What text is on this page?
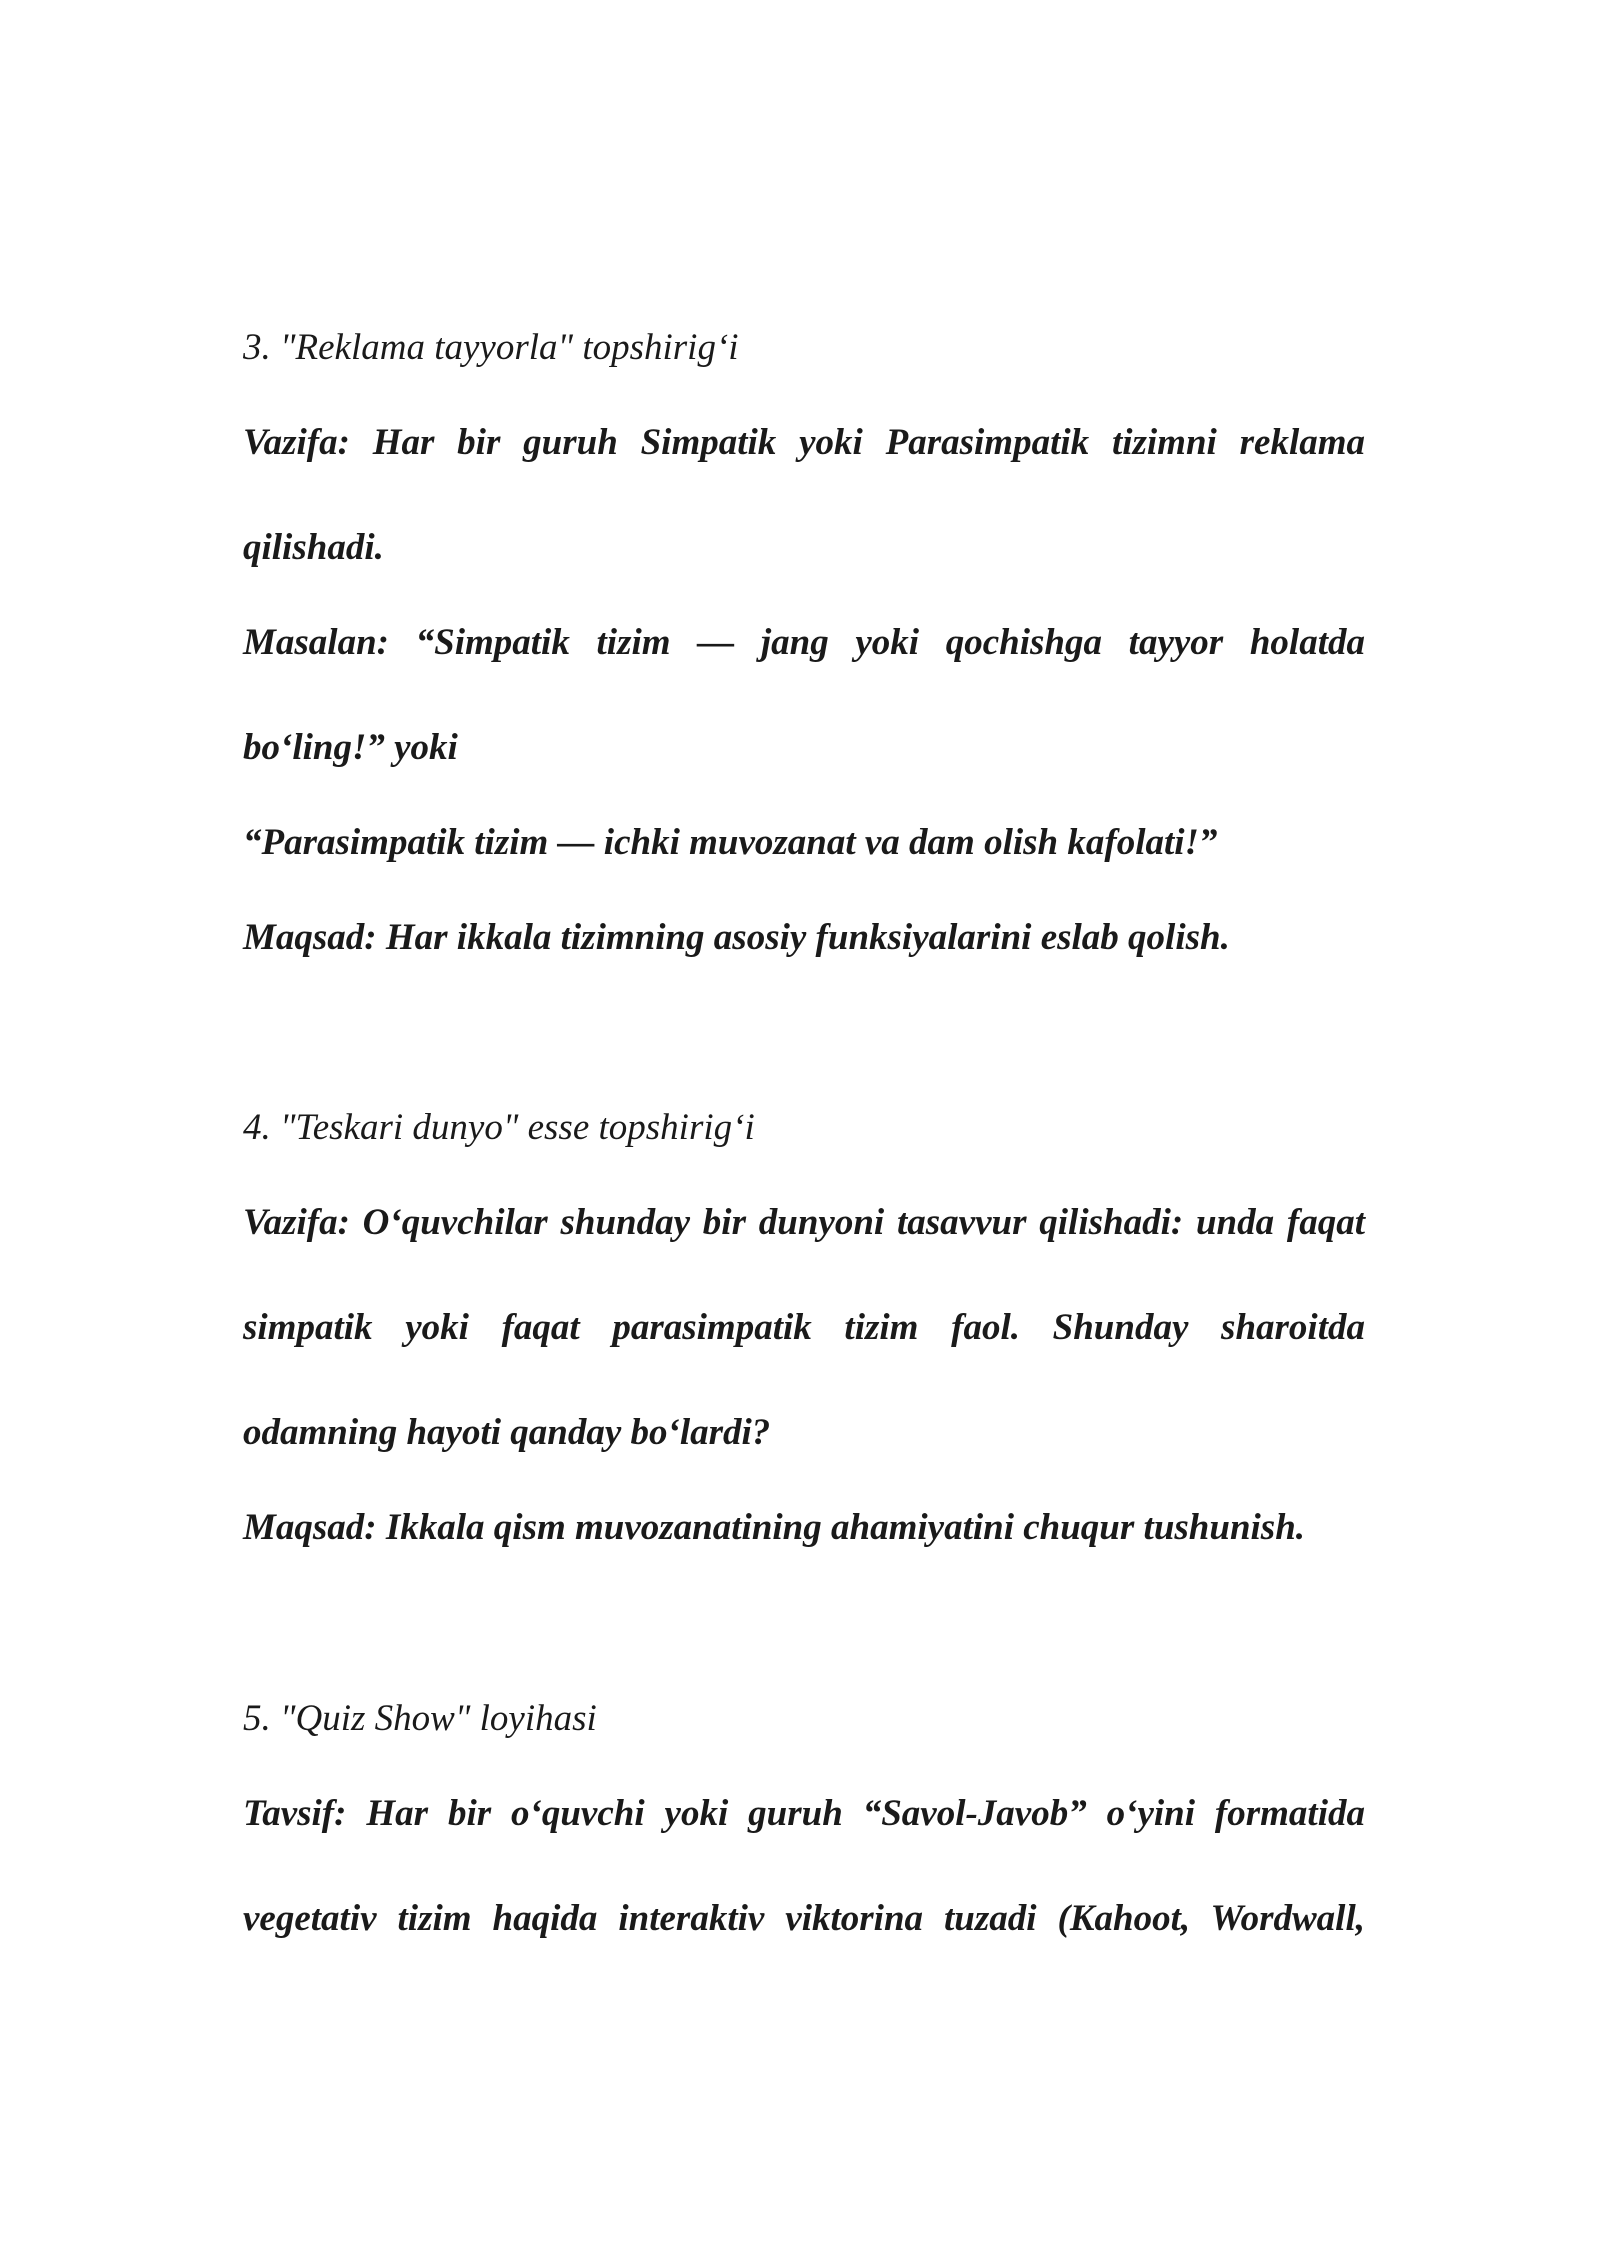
3. "Reklama tayyorla" topshirig‘i
Vazifa: Har bir guruh Simpatik yoki Parasimpatik tizimni reklama
qilishadi.
Masalan: “Simpatik tizim — jang yoki qochishga tayyor holatda
bo‘ling!” yoki
“Parasimpatik tizim — ichki muvozanat va dam olish kafolati!”
Maqsad: Har ikkala tizimning asosiy funksiyalarini eslab qolish.
4. "Teskari dunyo" esse topshirig‘i
Vazifa: O‘quvchilar shunday bir dunyoni tasavvur qilishadi: unda faqat
simpatik yoki faqat parasimpatik tizim faol. Shunday sharoitda
odamning hayoti qanday bo‘lardi?
Maqsad: Ikkala qism muvozanatining ahamiyatini chuqur tushunish.
5. "Quiz Show" loyihasi
Tavsif: Har bir o‘quvchi yoki guruh “Savol-Javob” o‘yini formatida
vegetativ tizim haqida interaktiv viktorina tuzadi (Kahoot, Wordwall,
